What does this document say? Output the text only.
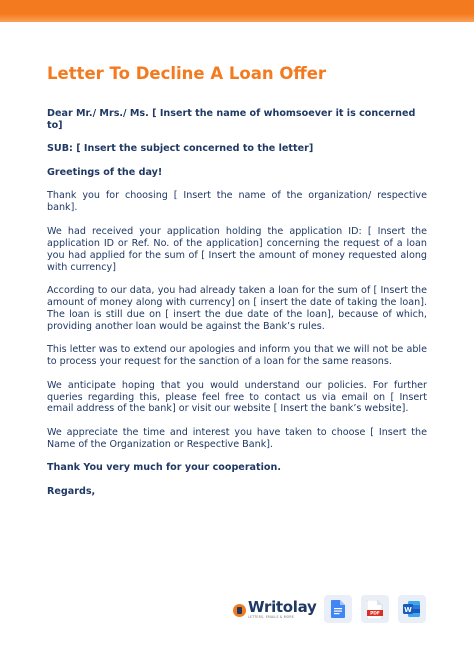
Letter To Decline A Loan Offer

Dear Mr./ Mrs./ Ms. [ Insert the name of whomsoever it is concerned to]

SUB: [ Insert the subject concerned to the letter]

Greetings of the day!

Thank you for choosing [ Insert the name of the organization/ respective bank].

We had received your application holding the application ID: [ Insert the application ID or Ref. No. of the application] concerning the request of a loan you had applied for the sum of [ Insert the amount of money requested along with currency]

According to our data, you had already taken a loan for the sum of [ Insert the amount of money along with currency] on [ insert the date of taking the loan]. The loan is still due on [ insert the due date of the loan], because of which, providing another loan would be against the Bank’s rules.

This letter was to extend our apologies and inform you that we will not be able to process your request for the sanction of a loan for the same reasons.

We anticipate hoping that you would understand our policies. For further queries regarding this, please feel free to contact us via email on [ Insert email address of the bank] or visit our website [ Insert the bank’s website].

We appreciate the time and interest you have taken to choose [ Insert the Name of the Organization or Respective Bank].

Thank You very much for your cooperation.

Regards,

Writolay
LETTERS, EMAILS & MORE
PDF	W
